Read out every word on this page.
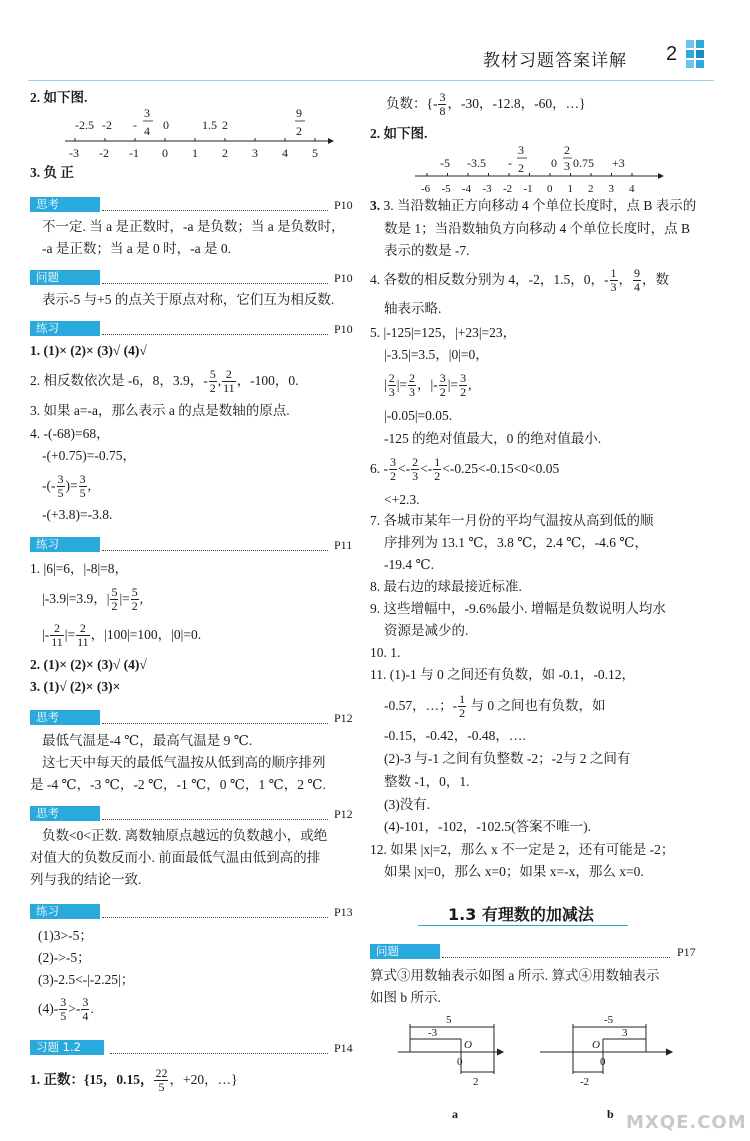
教材习题答案详解 2
2. 如下图.
-2.5 -2 -
3
4 0	1.5 2
9
2
-3 -2 -1 0 1 2 3 4 5
3. 负 正
思考	P10
不一定. 当 a 是正数时，-a 是负数；当 a 是负数时，
-a 是正数；当 a 是 0 时，-a 是 0.
问题	P10
表示-5 与+5 的点关于原点对称，它们互为相反数.
练习	P10
1. (1)× (2)× (3)√ (4)√
2. 相反数依次是 -6，8，3.9，- $\frac{5}{2}$ , $\frac{2}{11}$ ，-100，0.
3. 如果 a=-a，那么表示 a 的点是数轴的原点.
4. -(-68)=68，
-(+0.75)=-0.75，
-(- $\frac{3}{5}$ )= $\frac{3}{5}$ ,
-(+3.8)=-3.8.
练习	P11
1. |6|=6，|-8|=8，
|-3.9|=3.9，| $\frac{5}{2}$ |= $\frac{5}{2}$ ,
|- $\frac{2}{11}$ |= $\frac{2}{11}$ ，|100|=100，|0|=0.
2. (1)× (2)× (3)√ (4)√
3. (1)√ (2)× (3)×
思考	P12
最低气温是-4 ℃，最高气温是 9 ℃.
这七天中每天的最低气温按从低到高的顺序排列
是 -4 ℃，-3 ℃，-2 ℃，-1 ℃，0 ℃，1 ℃，2 ℃.
思考	P12
负数<0<正数. 离数轴原点越远的负数越小，或绝
对值大的负数反而小. 前面最低气温由低到高的排
列与我的结论一致.
练习	P13
(1)3>-5；
(2)->-5；
(3)-2.5<-|-2.25|；
$(4)- \frac{3}{5} >- \frac{3}{4}$ .
习题 1.2	P14
1. 正数：{15，0.15， $\frac{22}{5}$ ，+20，…}
负数：{- $\frac{3}{8}$ ，-30，-12.8，-60，…}
2. 如下图.
-5 -3.5 -
3
2 0
2
3 0.75 +3
-6 -5 -4 -3 -2 -1 0 1 2 3 4
3. 3. 当沿数轴正方向移动 4 个单位长度时，点 B 表示的
数是 1；当沿数轴负方向移动 4 个单位长度时，点 B
表示的数是 -7.
4. 各数的相反数分别为 4，-2，1.5，0，- $\frac{1}{3}$ ， $\frac{9}{4}$ ，数
轴表示略.
5. |-125|=125，|+23|=23，
|-3.5|=3.5，|0|=0，
| $\frac{2}{3}$ |= $\frac{2}{3}$ ，|- $\frac{3}{2}$ |= $\frac{3}{2}$ ,
|-0.05|=0.05.
-125 的绝对值最大，0 的绝对值最小.
6. - $\frac{3}{2} <- \frac{2}{3} <- \frac{1}{2} <-0.25<-0.15<0<0.05$
<+2.3.
7. 各城市某年一月份的平均气温按从高到低的顺
序排列为 13.1 ℃，3.8 ℃，2.4 ℃，-4.6 ℃，
-19.4 ℃.
8. 最右边的球最接近标准.
9. 这些增幅中，-9.6%最小. 增幅是负数说明人均水
资源是减少的.
10. 1.
11. (1)-1 与 0 之间还有负数，如 -0.1，-0.12，
-0.57，…；- $\frac{1}{2}$ 与 0 之间也有负数，如
-0.15，-0.42，-0.48，….
(2)-3 与-1 之间有负整数 -2；-2与 2 之间有
整数 -1，0，1.
(3)没有.
(4)-101，-102，-102.5(答案不唯一).
12. 如果 |x|=2，那么 x 不一定是 2，还有可能是 -2；
如果 |x|=0，那么 x=0；如果 x=-x，那么 x=0.
1.3 有理数的加减法
问题	P17
算式③用数轴表示如图 a 所示. 算式④用数轴表示
如图 b 所示.
5
-3
O
0
2
a
-5
3
O
0
-2
b MXQE.COM
